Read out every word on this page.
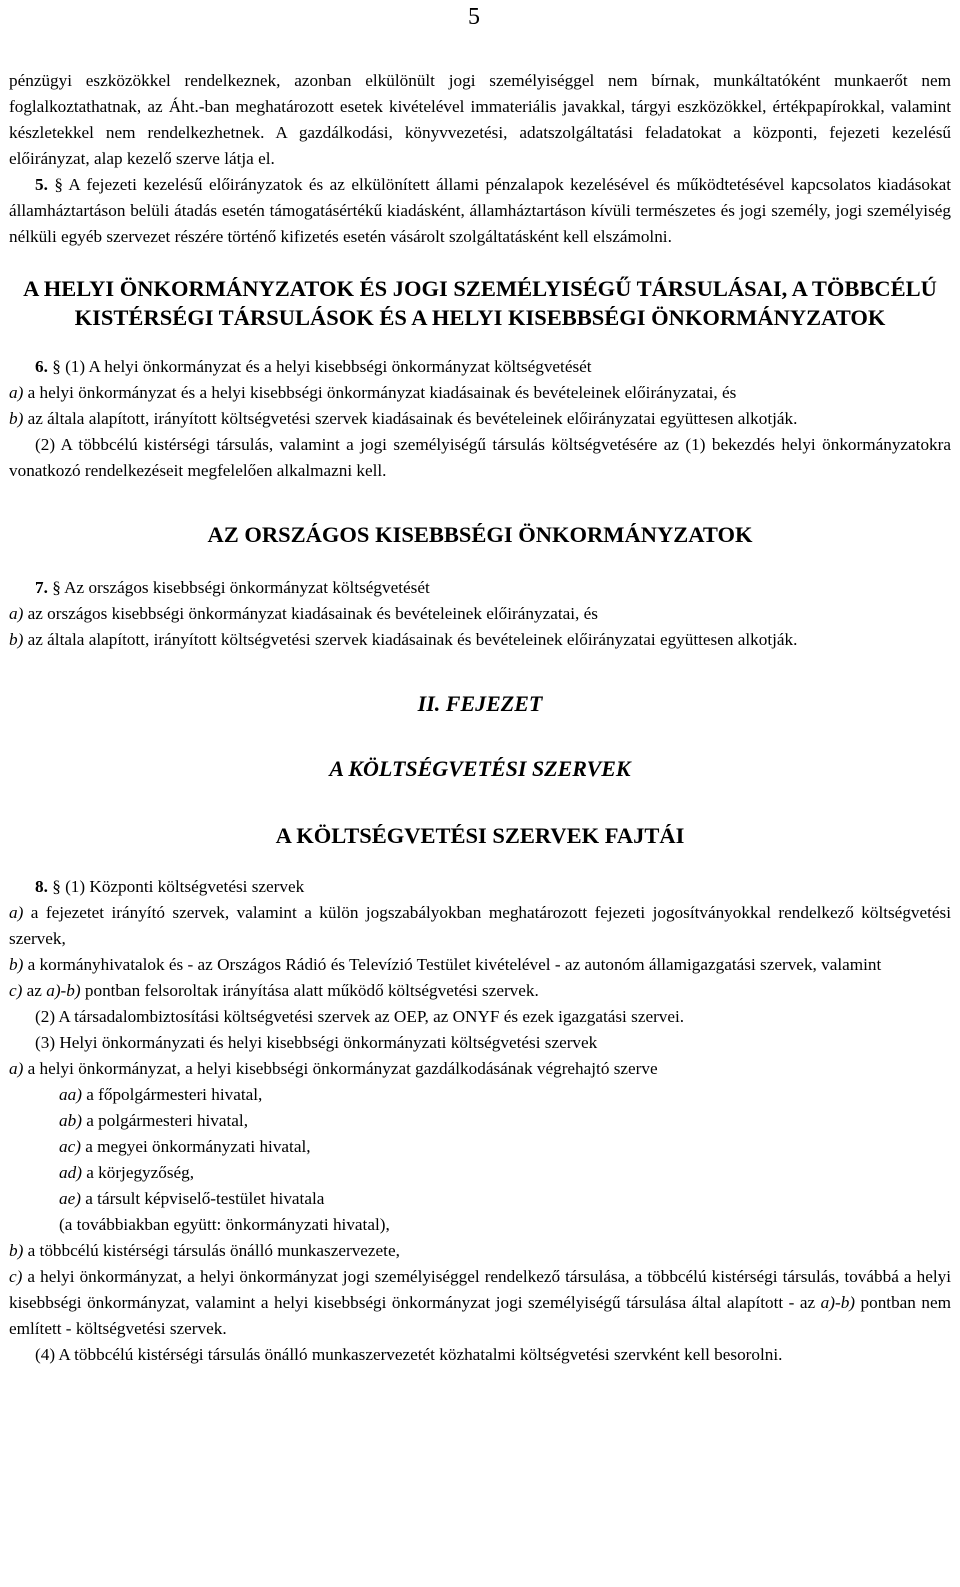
5

pénzügyi eszközökkel rendelkeznek, azonban elkülönült jogi személyiséggel nem bírnak, munkáltatóként munkaerőt nem foglalkoztathatnak, az Áht.-ban meghatározott esetek kivételével immateriális javakkal, tárgyi eszközökkel, értékpapírokkal, valamint készletekkel nem rendelkezhetnek. A gazdálkodási, könyvvezetési, adatszolgáltatási feladatokat a központi, fejezeti kezelésű előirányzat, alap kezelő szerve látja el.

5. § A fejezeti kezelésű előirányzatok és az elkülönített állami pénzalapok kezelésével és működtetésével kapcsolatos kiadásokat államháztartáson belüli átadás esetén támogatásértékű kiadásként, államháztartáson kívüli természetes és jogi személy, jogi személyiség nélküli egyéb szervezet részére történő kifizetés esetén vásárolt szolgáltatásként kell elszámolni.

A HELYI ÖNKORMÁNYZATOK ÉS JOGI SZEMÉLYISÉGŰ TÁRSULÁSAI, A TÖBBCÉLÚ KISTÉRSÉGI TÁRSULÁSOK ÉS A HELYI KISEBBSÉGI ÖNKORMÁNYZATOK

6. § (1) A helyi önkormányzat és a helyi kisebbségi önkormányzat költségvetését

a) a helyi önkormányzat és a helyi kisebbségi önkormányzat kiadásainak és bevételeinek előirányzatai, és

b) az általa alapított, irányított költségvetési szervek kiadásainak és bevételeinek előirányzatai együttesen alkotják.

(2) A többcélú kistérségi társulás, valamint a jogi személyiségű társulás költségvetésére az (1) bekezdés helyi önkormányzatokra vonatkozó rendelkezéseit megfelelően alkalmazni kell.

AZ ORSZÁGOS KISEBBSÉGI ÖNKORMÁNYZATOK

7. § Az országos kisebbségi önkormányzat költségvetését

a) az országos kisebbségi önkormányzat kiadásainak és bevételeinek előirányzatai, és

b) az általa alapított, irányított költségvetési szervek kiadásainak és bevételeinek előirányzatai együttesen alkotják.

II. FEJEZET

A KÖLTSÉGVETÉSI SZERVEK

A KÖLTSÉGVETÉSI SZERVEK FAJTÁI

8. § (1) Központi költségvetési szervek

a) a fejezetet irányító szervek, valamint a külön jogszabályokban meghatározott fejezeti jogosítványokkal rendelkező költségvetési szervek,

b) a kormányhivatalok és - az Országos Rádió és Televízió Testület kivételével - az autonóm államigazgatási szervek, valamint

c) az a)-b) pontban felsoroltak irányítása alatt működő költségvetési szervek.

(2) A társadalombiztosítási költségvetési szervek az OEP, az ONYF és ezek igazgatási szervei.

(3) Helyi önkormányzati és helyi kisebbségi önkormányzati költségvetési szervek

a) a helyi önkormányzat, a helyi kisebbségi önkormányzat gazdálkodásának végrehajtó szerve

aa) a főpolgármesteri hivatal,

ab) a polgármesteri hivatal,

ac) a megyei önkormányzati hivatal,

ad) a körjegyzőség,

ae) a társult képviselő-testület hivatala

(a továbbiakban együtt: önkormányzati hivatal),

b) a többcélú kistérségi társulás önálló munkaszervezete,

c) a helyi önkormányzat, a helyi önkormányzat jogi személyiséggel rendelkező társulása, a többcélú kistérségi társulás, továbbá a helyi kisebbségi önkormányzat, valamint a helyi kisebbségi önkormányzat jogi személyiségű társulása által alapított - az a)-b) pontban nem említett - költségvetési szervek.

(4) A többcélú kistérségi társulás önálló munkaszervezetét közhatalmi költségvetési szervként kell besorolni.
